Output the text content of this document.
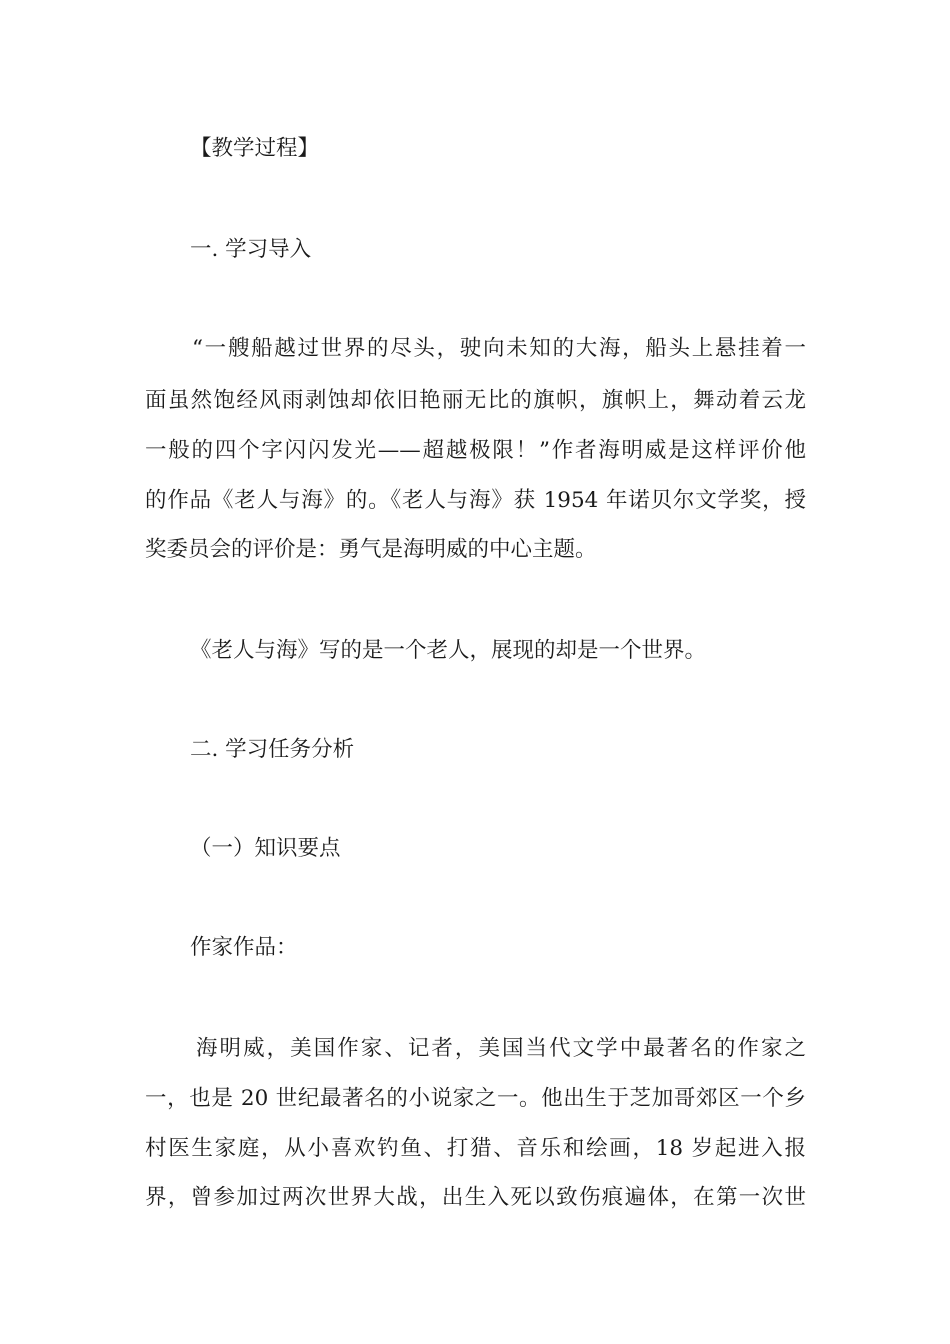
【教学过程】
一. 学习导入
“一艘船越过世界的尽头，驶向未知的大海，船头上悬挂着一
面虽然饱经风雨剥蚀却依旧艳丽无比的旗帜，旗帜上，舞动着云龙
一般的四个字闪闪发光——超越极限！”作者海明威是这样评价他
的作品《老人与海》的。《老人与海》获 1954 年诺贝尔文学奖，授
奖委员会的评价是：勇气是海明威的中心主题。
《老人与海》写的是一个老人，展现的却是一个世界。
二. 学习任务分析
（一）知识要点
作家作品：
海明威，美国作家、记者，美国当代文学中最著名的作家之
一，也是 20 世纪最著名的小说家之一。他出生于芝加哥郊区一个乡
村医生家庭，从小喜欢钓鱼、打猎、音乐和绘画，18 岁起进入报
界，曾参加过两次世界大战，出生入死以致伤痕遍体，在第一次世
